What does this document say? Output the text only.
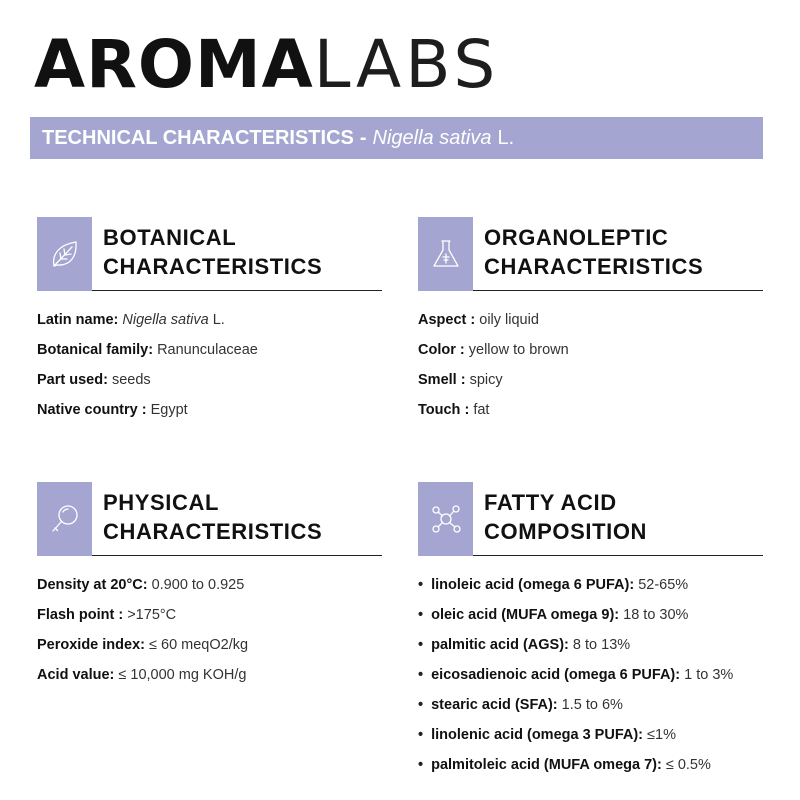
AROMA LABS
TECHNICAL CHARACTERISTICS - Nigella sativa L.
BOTANICAL
CHARACTERISTICS
Latin name: Nigella sativa L.
Botanical family: Ranunculaceae
Part used: seeds
Native country : Egypt
ORGANOLEPTIC
CHARACTERISTICS
Aspect : oily liquid
Color : yellow to brown
Smell : spicy
Touch : fat
PHYSICAL
CHARACTERISTICS
Density at 20°C: 0.900 to 0.925
Flash point : >175°C
Peroxide index: ≤ 60 meqO2/kg
Acid value: ≤ 10,000 mg KOH/g
FATTY ACID
COMPOSITION
• linoleic acid (omega 6 PUFA): 52-65%
• oleic acid (MUFA omega 9): 18 to 30%
• palmitic acid (AGS): 8 to 13%
• eicosadienoic acid (omega 6 PUFA): 1 to 3%
• stearic acid (SFA): 1.5 to 6%
• linolenic acid (omega 3 PUFA): ≤1%
• palmitoleic acid (MUFA omega 7): ≤ 0.5%
